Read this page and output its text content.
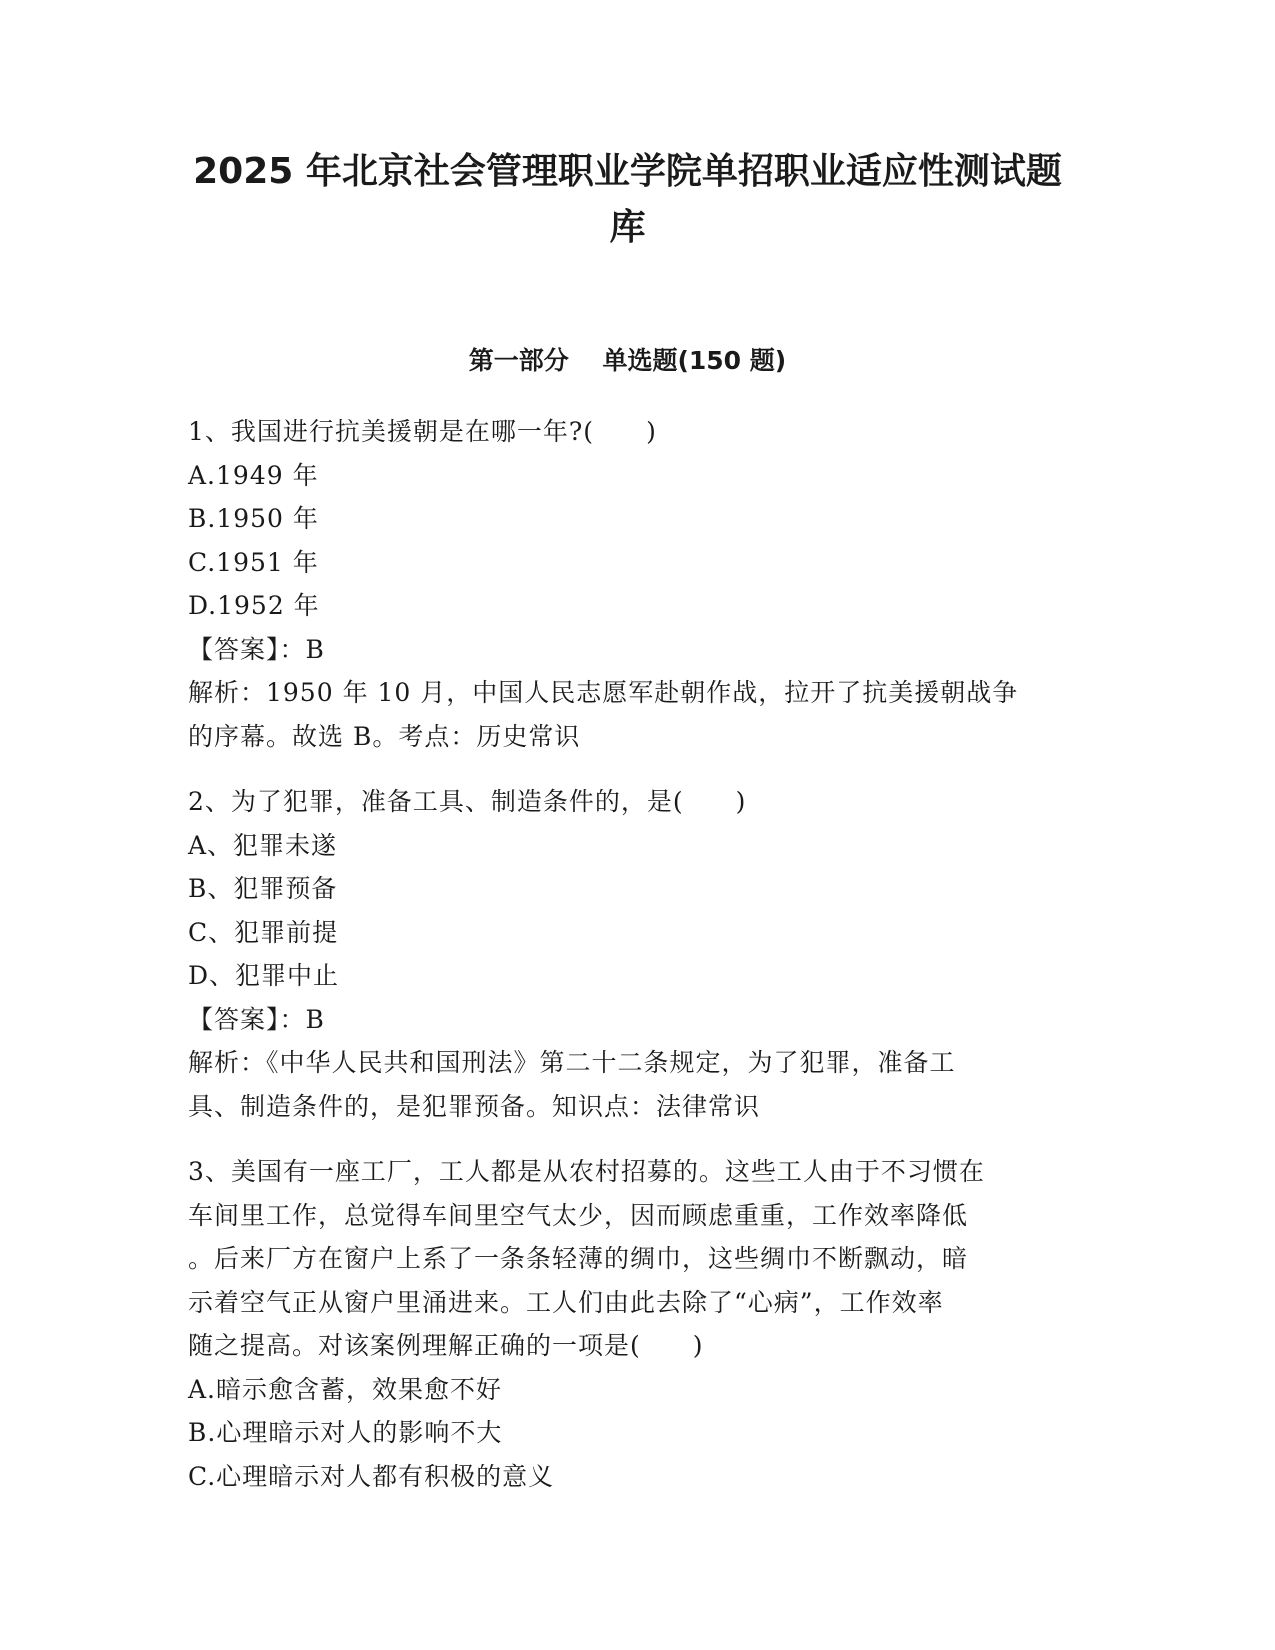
2025 年北京社会管理职业学院单招职业适应性测试题库
第一部分　 单选题(150 题)
1、我国进行抗美援朝是在哪一年?(　　)
A.1949 年
B.1950 年
C.1951 年
D.1952 年
【答案】：B
解析：1950 年 10 月，中国人民志愿军赴朝作战，拉开了抗美援朝战争
的序幕。故选 B。考点：历史常识
2、为了犯罪，准备工具、制造条件的，是(　　)
A、犯罪未遂
B、犯罪预备
C、犯罪前提
D、犯罪中止
【答案】：B
解析：《中华人民共和国刑法》第二十二条规定，为了犯罪，准备工
具、制造条件的，是犯罪预备。知识点：法律常识
3、美国有一座工厂，工人都是从农村招募的。这些工人由于不习惯在
车间里工作，总觉得车间里空气太少，因而顾虑重重，工作效率降低
。后来厂方在窗户上系了一条条轻薄的绸巾，这些绸巾不断飘动，暗
示着空气正从窗户里涌进来。工人们由此去除了“心病”，工作效率
随之提高。对该案例理解正确的一项是(　　)
A.暗示愈含蓄，效果愈不好
B.心理暗示对人的影响不大
C.心理暗示对人都有积极的意义
